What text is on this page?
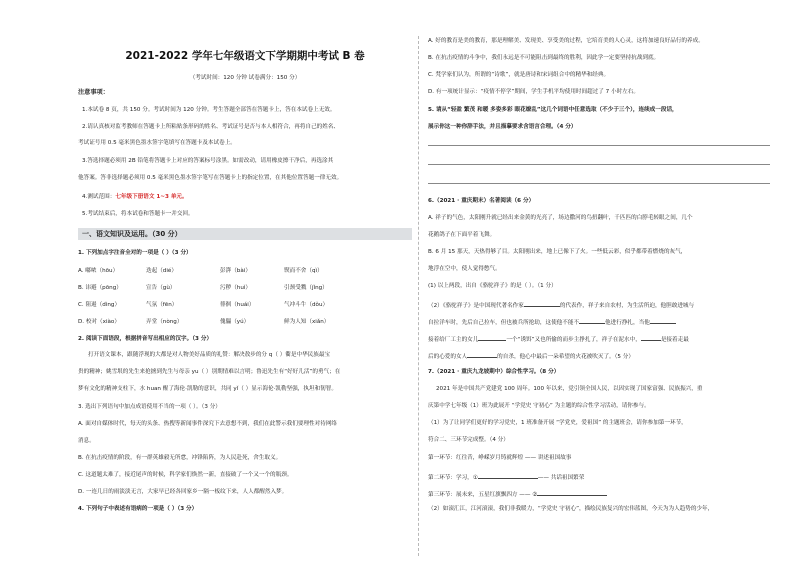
2021-2022 学年七年级语文下学期期中考试 B 卷
（考试时间：120 分钟 试卷满分：150 分）
注意事项：
1.本试卷 8 页，共 150 分。考试时间为 120 分钟。考生答题全部答在答题卡上，答在本试卷上无效。
2.请认真核对监考教师在答题卡上所粘贴条形码的姓名、考试证号是否与本人相符合，再将自己的姓名、
考试证号用 0.5 毫米黑色墨水签字笔填写在答题卡及本试卷上。
3.答选择题必须用 2B 铅笔将答题卡上对应的答案标号涂黑。如需改动，请用橡皮擦干净后，再选涂其
他答案。答非选择题必须用 0.5 毫米黑色墨水签字笔写在答题卡上的指定位置，在其他位置答题一律无效。
4.测试范围：七年级下册语文 1~3 单元。
5.考试结束后，将本试卷和答题卡一并交回。
一、语文知识及运用。（30 分）
1. 下列加点字注音全对的一项是（ ）（3 分）
A. 嘟哝（hōu）	迭起（dié）	彭湃（bài）	锲而不舍（qì）
B. 讳避（pōng）	宣告（gù）	污秽（huì）	引颈受戮（jǐng）
C. 阻遏（dìng）	气氛（fēn）	徘徊（huái）	气冲斗牛（dǒu）
D. 校对（xiào）	弄堂（nòng）	傀儡（yú）	鲜为人知（xiǎn）
2. 阅读下面语段，根据拼音写出相应的汉字。（3 分）
打开语文课本，跟随浮现的大都是对人物美好品质的礼赞：解决敖步的分 q（ ）衢是中华民族最宝
贵的精神；姚雪垠的先生来抢掳到先生与母亲 yu（ ）别期情难以言明；鲁迅先生有“好好儿活”的勇气；在
梦有文化的精神支柱下，水 huan 醒了海伦·凯勒的意识，共同 yǐ（ ）显示海伦·凯勒坚强，执坦和韧智。
3. 选出下列语句中加点成语使用不当的一项（ ）。（3 分）
A. 面对自媒体时代，每天的头条、热搜等新闻事件深究下去意想不到，我们在此警示我们要理性对待网络
消息。
B. 在抗击疫情的阶段，有一群英雄毅无所怠，冲锋陷阵，为人民赴死，舍生取义。
C. 这道题太难了，接近尾声的时候，科学家们焕然一新，直接破了一个又一个的瓶颈。
D. 一连几日的雨淡淡无言，大家早已经各回家乡一隔一板纹下来，人人都醒然入梦。
4. 下列句子中表述有语病的一项是（ ）（3 分）
A. 好的教育是美的教育，那是理解美、发现美、享受美的过程，它培育美的人心灵，这将加速良好品行的养成。
B. 在抗击疫情的斗争中，我们永远是不可能阻击到最终的胜利，因此学一定要坚持抗战到底。
C. 梵学家们认为，所谓的“诗歌”，就是唐诗和宋词组合中的精华和经典。
D. 有一项统计显示：“疫情不停学”期间，学生手机平均使用时间超过了 7 小时左右。
5. 请从“轻盈 繁茂 和暖 多姿多彩 眼花缭乱”这几个词语中任意选取（不少于三个），连续成一段话，
展示你这一种你辞手法，并且描摹要求含语言合理。（4 分）
6.（2021 · 重庆期末）名著阅读（6 分）
A. 祥子的气色，太阳刚升就已经出来金黄的光亮了，场边撒河的鸟扭翻叶，千匹匹的白脖毛转眼之间，几个
花鹅鸽子在下面平着飞舞。
B. 6 月 15 那天，天热得够了目。太阳刚出来，地上已像下了火。一些低云彩，似乎都带着燃烧的灰气，
地浮在空中，使人觉得憋气。
(1) 以上两段，出自《骆驼祥子》的是（ ）。（1 分）
（2）《骆驼祥子》是中国现代著名作家	的代表作，祥子来自农村，为生活所迫，他胆敢进城与
自拉洋车时，先后自己拉车，但也被兵所抢劫，这使他不能不	他进行挣扎，当他
接着给厂工主的女儿	一个“诱饵”又也所偷的而步主挣扎了，祥子在泥水中，	是接着走最
后的心爱的女人	的自杀，他心中最后一朵希望的火花被吹灭了。（5 分）
7.（2021 · 重庆九龙坡期中）综合性学习。（8 分）
2021 年是中国共产党建党 100 周年。100 年以来，党引领全国人民，以因实现了国家富强、民族振兴，重
庆第中学七年级（1）班为此展开 “学党史 守初心” 为主题的综合性学习活动，请你参与。
（1）为了让同学们更好的学习党史，1 班准备开展 “学党史，爱祖国” 的主题班会，请你参加第一环节，
符合二、三环节完成整。（4 分）
第一环节：红往昔，峥嵘岁月铸就辉煌 —— 讲述祖国故事
第二环节：学习，①	—— 共话祖国繁荣
第三环节：展未来，五星红旗飘四方 —— ②
（2）如滚汇江，江河滚滚，我们非我暖力，“学党史 守初心”，描绘民族复兴的宏伟蓝图，今天为为人趋势的少年，
